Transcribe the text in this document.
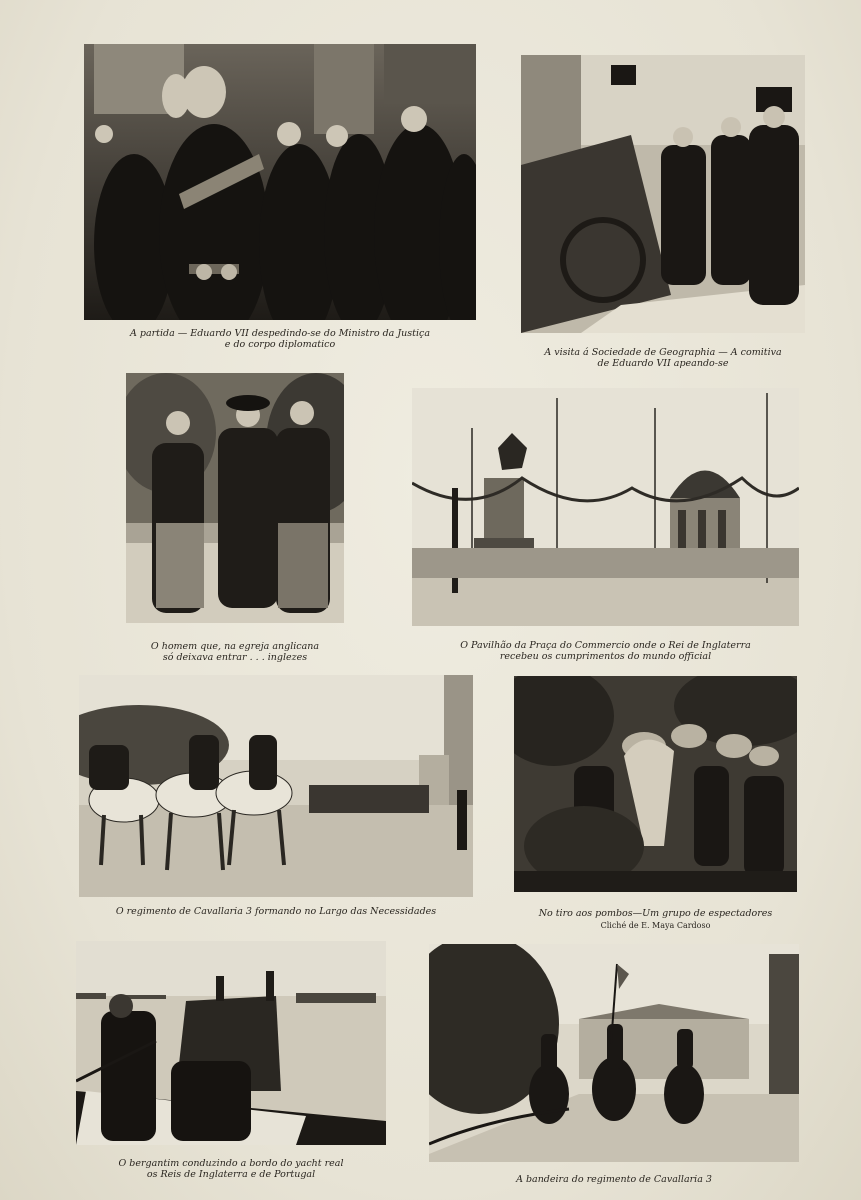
A partida — Eduardo VII despedindo-se do Ministro da Justiça
e do corpo diplomatico
A visita á Sociedade de Geographia — A comitiva
de Eduardo VII apeando-se
O homem que, na egreja anglicana
só deixava entrar . . . inglezes
O Pavilhão da Praça do Commercio onde o Rei de Inglaterra
recebeu os cumprimentos do mundo official
O regimento de Cavallaria 3 formando no Largo das Necessidades	No tiro aos pombos—Um grupo de espectadores
Cliché de E. Maya Cardoso
O bergantim conduzindo a bordo do yacht real
os Reis de Inglaterra e de Portugal	A bandeira do regimento de Cavallaria 3
